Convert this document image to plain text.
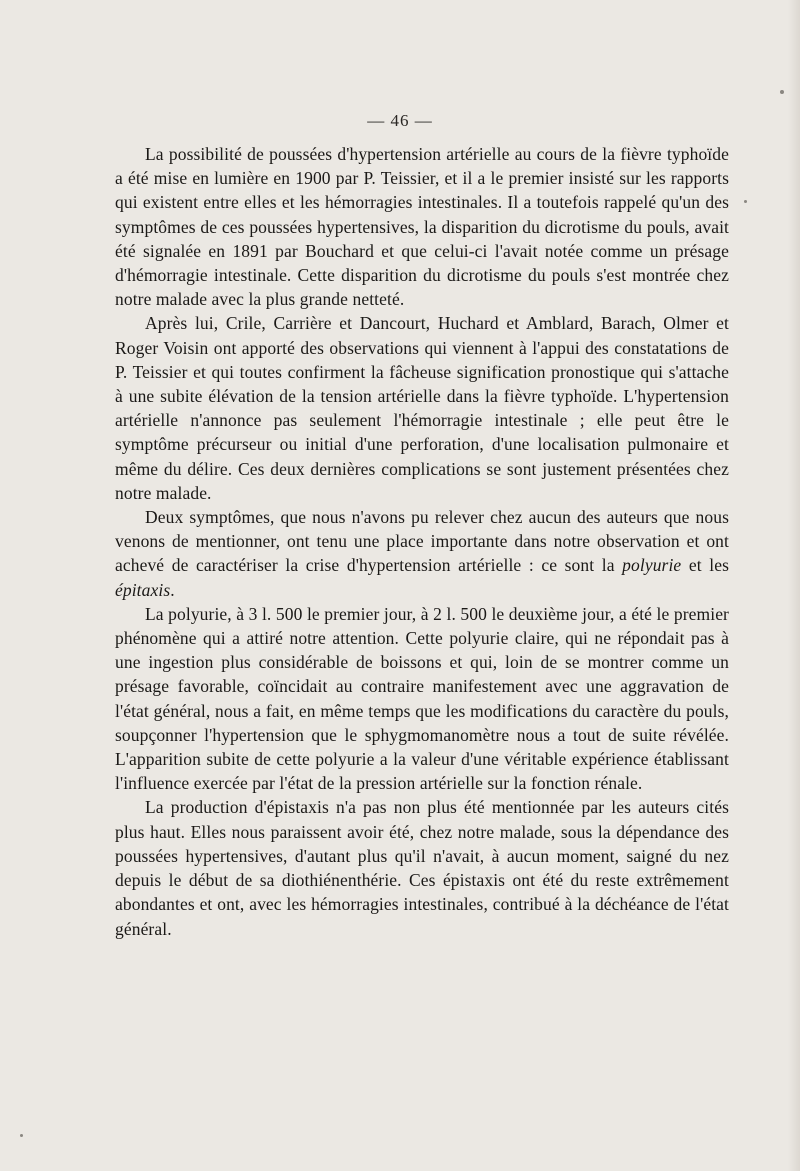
— 46 —

La possibilité de poussées d'hypertension artérielle au cours de la fièvre typhoïde a été mise en lumière en 1900 par P. Teissier, et il a le premier insisté sur les rapports qui existent entre elles et les hémorragies intestinales. Il a toutefois rappelé qu'un des symptômes de ces poussées hypertensives, la disparition du dicrotisme du pouls, avait été signalée en 1891 par Bouchard et que celui-ci l'avait notée comme un présage d'hémorragie intestinale. Cette disparition du dicrotisme du pouls s'est montrée chez notre malade avec la plus grande netteté.

Après lui, Crile, Carrière et Dancourt, Huchard et Amblard, Barach, Olmer et Roger Voisin ont apporté des observations qui viennent à l'appui des constatations de P. Teissier et qui toutes confirment la fâcheuse signification pronostique qui s'attache à une subite élévation de la tension artérielle dans la fièvre typhoïde. L'hypertension artérielle n'annonce pas seulement l'hémorragie intestinale ; elle peut être le symptôme précurseur ou initial d'une perforation, d'une localisation pulmonaire et même du délire. Ces deux dernières complications se sont justement présentées chez notre malade.

Deux symptômes, que nous n'avons pu relever chez aucun des auteurs que nous venons de mentionner, ont tenu une place importante dans notre observation et ont achevé de caractériser la crise d'hypertension artérielle : ce sont la polyurie et les épitaxis.

La polyurie, à 3 l. 500 le premier jour, à 2 l. 500 le deuxième jour, a été le premier phénomène qui a attiré notre attention. Cette polyurie claire, qui ne répondait pas à une ingestion plus considérable de boissons et qui, loin de se montrer comme un présage favorable, coïncidait au contraire manifestement avec une aggravation de l'état général, nous a fait, en même temps que les modifications du caractère du pouls, soupçonner l'hypertension que le sphygmomanomètre nous a tout de suite révélée. L'apparition subite de cette polyurie a la valeur d'une véritable expérience établissant l'influence exercée par l'état de la pression artérielle sur la fonction rénale.

La production d'épistaxis n'a pas non plus été mentionnée par les auteurs cités plus haut. Elles nous paraissent avoir été, chez notre malade, sous la dépendance des poussées hypertensives, d'autant plus qu'il n'avait, à aucun moment, saigné du nez depuis le début de sa diothiénenthérie. Ces épistaxis ont été du reste extrêmement abondantes et ont, avec les hémorragies intestinales, contribué à la déchéance de l'état général.
